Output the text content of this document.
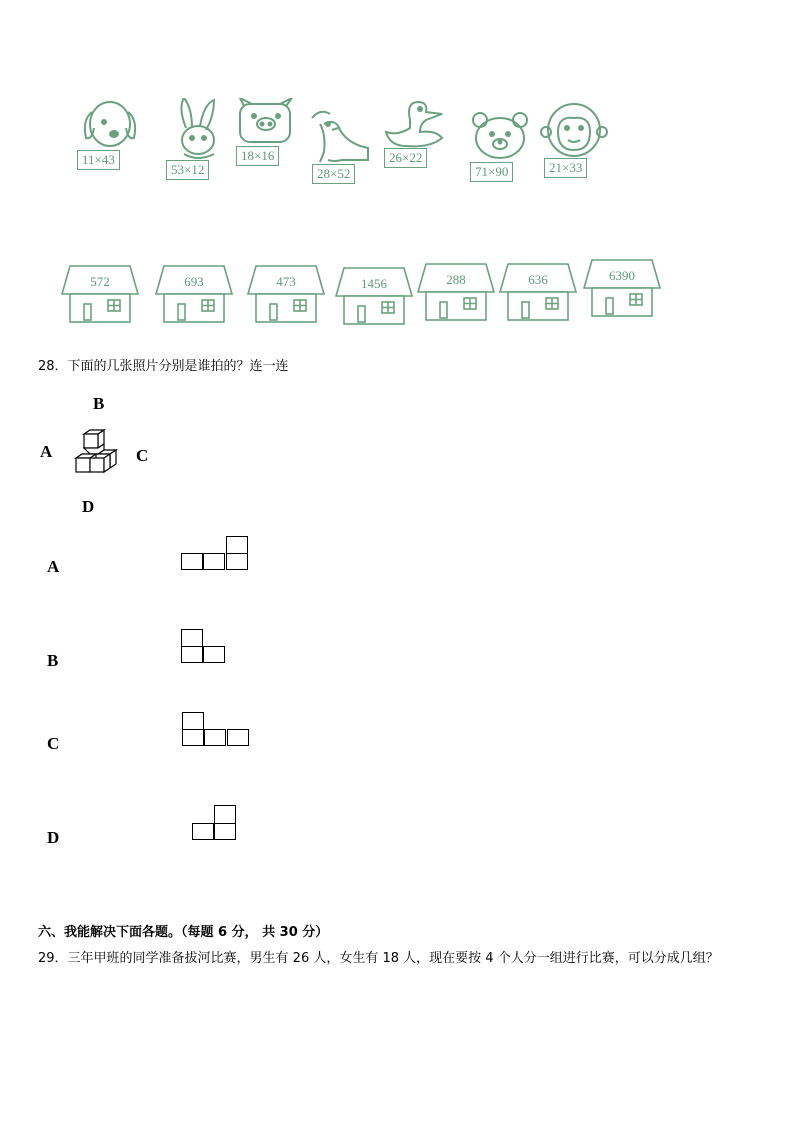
11×43
53×12
18×16
28×52
26×22
71×90	21×33
572	693	473	1456	288	636	6390
28．下面的几张照片分别是谁拍的？连一连
B
A	C
D
A
B
C
D
六、我能解决下面各题。（每题 6 分， 共 30 分）
29．三年甲班的同学准备拔河比赛，男生有 26 人，女生有 18 人，现在要按 4 个人分一组进行比赛，可以分成几组？
